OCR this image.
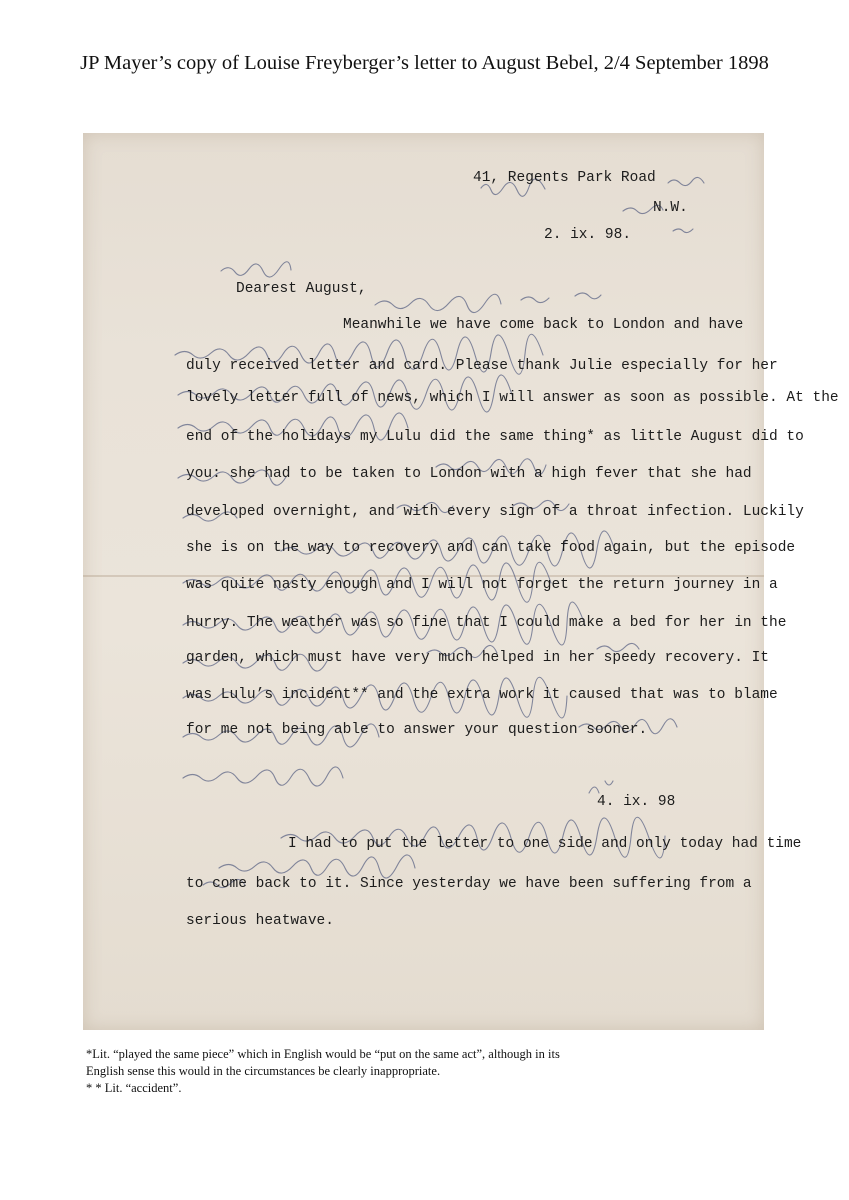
JP Mayer’s copy of Louise Freyberger’s letter to August Bebel, 2/4 September 1898
41, Regents Park Road
N.W.
2. ix. 98.
Dearest August,
Meanwhile we have come back to London and have
duly received letter and card. Please thank Julie especially for her
lovely letter full of news, which I will answer as soon as possible. At the
end of the holidays my Lulu did the same thing* as little August did to
you: she had to be taken to London with a high fever that she had
developed overnight, and with every sign of a throat infection. Luckily
she is on the way to recovery and can take food again, but the episode
was quite nasty enough and I will not forget the return journey in a
hurry. The weather was so fine that I could make a bed for her in the
garden, which must have very much helped in her speedy recovery. It
was Lulu’s incident** and the extra work it caused that was to blame
for me not being able to answer your question sooner.
4. ix. 98
I had to put the letter to one side and only today had time
to come back to it. Since yesterday we have been suffering from a
serious heatwave.
*Lit. “played the same piece” which in English would be “put on the same act”, although in its
English sense this would in the circumstances be clearly inappropriate.
* * Lit. “accident”.
